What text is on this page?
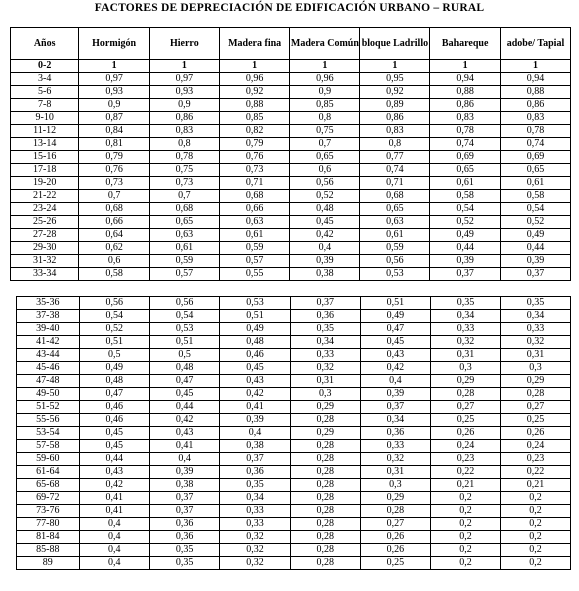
FACTORES DE DEPRECIACIÓN DE EDIFICACIÓN URBANO – RURAL
Años	Hormigón	Hierro	Madera fina	Madera Común	bloque Ladrillo	Bahareque	adobe/ Tapial
0-2	1	1	1	1	1	1	1
3-4	0,97	0,97	0,96	0,96	0,95	0,94	0,94
5-6	0,93	0,93	0,92	0,9	0,92	0,88	0,88
7-8	0,9	0,9	0,88	0,85	0,89	0,86	0,86
9-10	0,87	0,86	0,85	0,8	0,86	0,83	0,83
11-12	0,84	0,83	0,82	0,75	0,83	0,78	0,78
13-14	0,81	0,8	0,79	0,7	0,8	0,74	0,74
15-16	0,79	0,78	0,76	0,65	0,77	0,69	0,69
17-18	0,76	0,75	0,73	0,6	0,74	0,65	0,65
19-20	0,73	0,73	0,71	0,56	0,71	0,61	0,61
21-22	0,7	0,7	0,68	0,52	0,68	0,58	0,58
23-24	0,68	0,68	0,66	0,48	0,65	0,54	0,54
25-26	0,66	0,65	0,63	0,45	0,63	0,52	0,52
27-28	0,64	0,63	0,61	0,42	0,61	0,49	0,49
29-30	0,62	0,61	0,59	0,4	0,59	0,44	0,44
31-32	0,6	0,59	0,57	0,39	0,56	0,39	0,39
33-34	0,58	0,57	0,55	0,38	0,53	0,37	0,37
35-36	0,56	0,56	0,53	0,37	0,51	0,35	0,35
37-38	0,54	0,54	0,51	0,36	0,49	0,34	0,34
39-40	0,52	0,53	0,49	0,35	0,47	0,33	0,33
41-42	0,51	0,51	0,48	0,34	0,45	0,32	0,32
43-44	0,5	0,5	0,46	0,33	0,43	0,31	0,31
45-46	0,49	0,48	0,45	0,32	0,42	0,3	0,3
47-48	0,48	0,47	0,43	0,31	0,4	0,29	0,29
49-50	0,47	0,45	0,42	0,3	0,39	0,28	0,28
51-52	0,46	0,44	0,41	0,29	0,37	0,27	0,27
55-56	0,46	0,42	0,39	0,28	0,34	0,25	0,25
53-54	0,45	0,43	0,4	0,29	0,36	0,26	0,26
57-58	0,45	0,41	0,38	0,28	0,33	0,24	0,24
59-60	0,44	0,4	0,37	0,28	0,32	0,23	0,23
61-64	0,43	0,39	0,36	0,28	0,31	0,22	0,22
65-68	0,42	0,38	0,35	0,28	0,3	0,21	0,21
69-72	0,41	0,37	0,34	0,28	0,29	0,2	0,2
73-76	0,41	0,37	0,33	0,28	0,28	0,2	0,2
77-80	0,4	0,36	0,33	0,28	0,27	0,2	0,2
81-84	0,4	0,36	0,32	0,28	0,26	0,2	0,2
85-88	0,4	0,35	0,32	0,28	0,26	0,2	0,2
89	0,4	0,35	0,32	0,28	0,25	0,2	0,2
